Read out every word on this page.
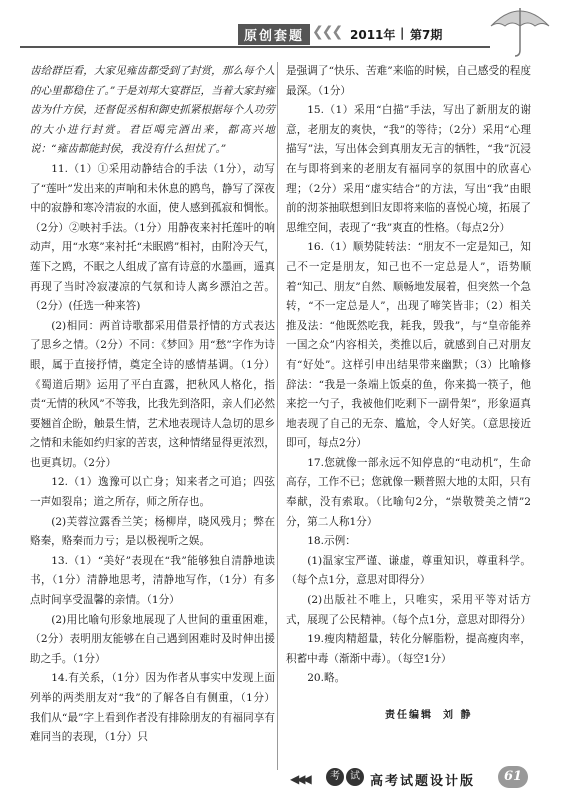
原创套题 ❮❮❮ 2011年 | 第7期

齿给群臣看，大家见雍齿都受到了封赏，那么每个人的心里都稳住了。”于是刘邦大宴群臣，当着大家封雍齿为什方侯，还督促丞相和御史抓紧根据每个人功劳的大小进行封赏。君臣喝完酒出来，都高兴地说：“雍齿都能封侯，我没有什么担忧了。”

11.（1）①采用动静结合的手法（1分），动写了“莲叶”发出来的声响和未休息的鸥鸟，静写了深夜中的寂静和寒冷清寂的水面，使人感到孤寂和惆怅。（2分）②映衬手法。（1分）用静夜来衬托莲叶的响动声，用“水寒”来衬托“未眠鸥”相衬，由附冷天气，莲下之鸥，不眠之人组成了富有诗意的水墨画，遥真再现了当时冷寂凄凉的气氛和诗人离乡漂泊之苦。（2分）(任选一种来答)

(2)相同：两首诗歌都采用借景抒情的方式表达了思乡之情。（2分）不同：《梦回》用“愁”字作为诗眼，属于直接抒情，奠定全诗的感情基调。（1分）《蜀道后期》运用了平白直露，把秋风人格化，指责“无情的秋风”不等我，比我先到洛阳，亲人们必然要翘首企盼，触景生情，艺术地表现诗人急切的思乡之情和未能如约归家的苦衷，这种情绪显得更浓烈，也更真切。（2分）

12.（1）逸豫可以亡身；知来者之可追；四弦一声如裂帛；道之所存，师之所存也。

(2)芙蓉泣露香兰笑；杨柳岸，晓风残月；弊在赂秦，赂秦而力亏；是以极视听之娱。

13.（1）“美好”表现在“我”能够独自清静地读书，（1分）清静地思考，清静地写作，（1分）有多点时间享受温馨的亲情。（1分）

(2)用比喻句形象地展现了人世间的重重困难，（2分）表明朋友能够在自己遇到困难时及时伸出援助之手。（1分）

14.有关系，（1分）因为作者从事实中发现上面列举的两类朋友对“我”的了解各自有侧重，（1分）我们从“最”字上看到作者没有排除朋友的有福同享有难同当的表现，（1分）只

是强调了“快乐、苦难”来临的时候，自己感受的程度最深。（1分）

15.（1）采用“白描”手法，写出了新朋友的谢意，老朋友的爽快，“我”的等待；（2分）采用“心理描写”法，写出体会到真朋友无言的牺牲，“我”沉浸在与即将到来的老朋友有福同享的氛围中的欣喜心理；（2分）采用“虚实结合”的方法，写出“我”由眼前的沏茶抽联想到旧友即将来临的喜悦心境，拓展了思维空间，表现了“我”爽直的性格。（每点2分）

16.（1）顺势陡转法：“朋友不一定是知己，知己不一定是朋友，知己也不一定总是人”，语势顺着“知己、朋友”自然、顺畅地发展着，但突然一个急转，“不一定总是人”，出现了啼笑皆非；（2）相关推及法：“他既然吃我，耗我，毁我”，与“皇帝能养一国之众”内容相关，类推以后，就感到自己对朋友有“好处”。这样引申出结果带来幽默；（3）比喻修辞法：“我是一条端上饭桌的鱼，你来捣一筷子，他来挖一勺子，我被他们吃剩下一副骨架”，形象逼真地表现了自己的无奈、尴尬，令人好笑。（意思接近即可，每点2分）

17.您就像一部永远不知停息的“电动机”，生命高存，工作不已；您就像一颗普照大地的太阳，只有奉献，没有索取。（比喻句2分，“崇敬赞美之情”2分，第二人称1分）

18.示例：

(1)温家宝严谨、谦虚，尊重知识，尊重科学。（每个点1分，意思对即得分）

(2)出版社不唯上，只唯实，采用平等对话方式，展现了公民精神。（每个点1分，意思对即得分）

19.瘦肉精超量，转化分解脂粉，提高瘦肉率，积蓄中毒（渐渐中毒）。（每空1分）

20.略。

责任编辑 刘 静
◀◀◀	考	试 高考试题设计版	61
